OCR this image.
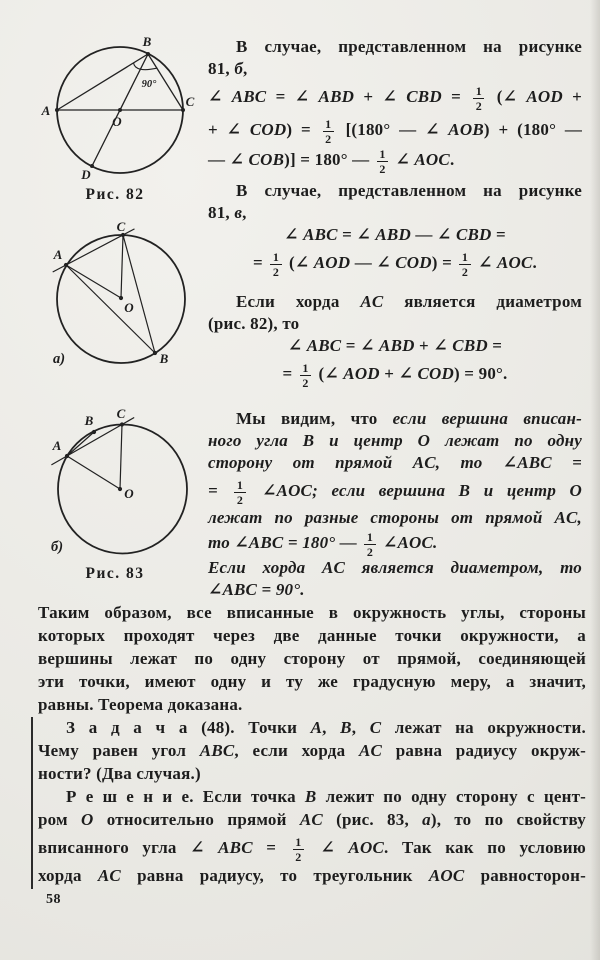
A
B
C
D
O
90°
Рис. 82
A
C
B
O
а)
A
B C
O
б)
Рис. 83
В случае, представленном на рисунке
81, б,
∠ ABC = ∠ ABD + ∠ CBD = $\frac{1}{2}$ (∠ AOD +
+ ∠ $COD) = \frac{1}{2} [(180^\circ$ — ∠ AOB) + (180° —
— ∠ COB)] = 180° — $\frac{1}{2}$ ∠ AOC.
В случае, представленном на рисунке
81, в,
∠ ABC = ∠ ABD — ∠ CBD =
= $\frac{1}{2}$ (∠ AOD — ∠ $COD) = \frac{1}{2}$ ∠ AOC.
Если хорда AC является диаметром
(рис. 82), то
∠ ABC = ∠ ABD + ∠ CBD =
= $\frac{1}{2}$ (∠ AOD + ∠ COD) = 90°.
Мы видим, что если вершина вписан-
ного угла B и центр O лежат по одну
сторону от прямой AC, то ∠ABC =
= $\frac{1}{2}$ ∠AOC; если вершина B и центр O
лежат по разные стороны от прямой AC,
то ∠ABC = 180° — $\frac{1}{2}$ ∠AOC.
Если хорда AC является диаметром, то
∠ABC = 90°.
Таким образом, все вписанные в окружность углы, стороны
которых проходят через две данные точки окружности, а
вершины лежат по одну сторону от прямой, соединяющей
эти точки, имеют одну и ту же градусную меру, а значит,
равны. Теорема доказана.
З а д а ч а (48). Точки A, B, C лежат на окружности.
Чему равен угол ABC, если хорда AC равна радиусу окруж-
ности? (Два случая.)
Р е ш е н и е. Если точка B лежит по одну сторону с цент-
ром O относительно прямой AC (рис. 83, а), то по свойству
вписанного угла ∠ ABC = $\frac{1}{2}$ ∠ AOC. Так как по условию
хорда AC равна радиусу, то треугольник AOC равносторон-
58
